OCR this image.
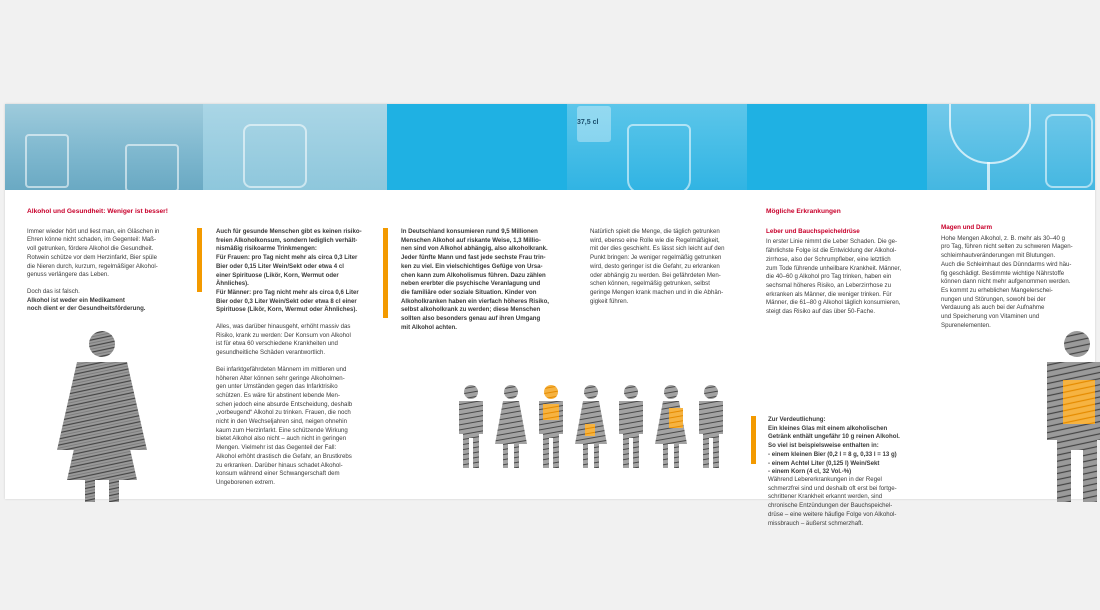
37,5 cl
Alkohol und Gesundheit: Weniger ist besser!

Immer wieder hört und liest man, ein Gläschen in
Ehren könne nicht schaden, im Gegenteil: Maß-
voll getrunken, fördere Alkohol die Gesundheit.
Rotwein schütze vor dem Herzinfarkt, Bier spüle
die Nieren durch, kurzum, regelmäßiger Alkohol-
genuss verlängere das Leben.

Doch das ist falsch.

Alkohol ist weder ein Medikament
noch dient er der Gesundheitsförderung.

Auch für gesunde Menschen gibt es keinen risiko-
freien Alkoholkonsum, sondern lediglich verhält-
nismäßig risikoarme Trinkmengen:
Für Frauen: pro Tag nicht mehr als circa 0,3 Liter
Bier oder 0,15 Liter Wein/Sekt oder etwa 4 cl
einer Spirituose (Likör, Korn, Wermut oder
Ähnliches).
Für Männer: pro Tag nicht mehr als circa 0,6 Liter
Bier oder 0,3 Liter Wein/Sekt oder etwa 8 cl einer
Spirituose (Likör, Korn, Wermut oder Ähnliches).

Alles, was darüber hinausgeht, erhöht massiv das
Risiko, krank zu werden: Der Konsum von Alkohol
ist für etwa 60 verschiedene Krankheiten und
gesundheitliche Schäden verantwortlich.

Bei infarktgefährdeten Männern im mittleren und
höheren Alter können sehr geringe Alkoholmen-
gen unter Umständen gegen das Infarktrisiko
schützen. Es wäre für abstinent lebende Men-
schen jedoch eine absurde Entscheidung, deshalb
„vorbeugend“ Alkohol zu trinken. Frauen, die noch
nicht in den Wechseljahren sind, neigen ohnehin
kaum zum Herzinfarkt. Eine schützende Wirkung
bietet Alkohol also nicht – auch nicht in geringen
Mengen. Vielmehr ist das Gegenteil der Fall:
Alkohol erhöht drastisch die Gefahr, an Brustkrebs
zu erkranken. Darüber hinaus schadet Alkohol-
konsum während einer Schwangerschaft dem
Ungeborenen extrem.

In Deutschland konsumieren rund 9,5 Millionen
Menschen Alkohol auf riskante Weise, 1,3 Millio-
nen sind von Alkohol abhängig, also alkoholkrank.
Jeder fünfte Mann und fast jede sechste Frau trin-
ken zu viel. Ein vielschichtiges Gefüge von Ursa-
chen kann zum Alkoholismus führen. Dazu zählen
neben ererbter die psychische Veranlagung und
die familiäre oder soziale Situation. Kinder von
Alkoholkranken haben ein vierfach höheres Risiko,
selbst alkoholkrank zu werden; diese Menschen
sollten also besonders genau auf ihren Umgang
mit Alkohol achten.

Natürlich spielt die Menge, die täglich getrunken
wird, ebenso eine Rolle wie die Regelmäßigkeit,
mit der dies geschieht. Es lässt sich leicht auf den
Punkt bringen: Je weniger regelmäßig getrunken
wird, desto geringer ist die Gefahr, zu erkranken
oder abhängig zu werden. Bei gefährdeten Men-
schen können, regelmäßig getrunken, selbst
geringe Mengen krank machen und in die Abhän-
gigkeit führen.

Mögliche Erkrankungen
Leber und Bauchspeicheldrüse

In erster Linie nimmt die Leber Schaden. Die ge-
fährlichste Folge ist die Entwicklung der Alkohol-
zirrhose, also der Schrumpfleber, eine letztlich
zum Tode führende unheilbare Krankheit. Männer,
die 40–60 g Alkohol pro Tag trinken, haben ein
sechsmal höheres Risiko, an Leberzirrhose zu
erkranken als Männer, die weniger trinken. Für
Männer, die 61–80 g Alkohol täglich konsumieren,
steigt das Risiko auf das über 50-Fache.

Zur Verdeutlichung:
Ein kleines Glas mit einem alkoholischen
Getränk enthält ungefähr 10 g reinen Alkohol.
So viel ist beispielsweise enthalten in:
- einem kleinen Bier (0,2 l = 8 g, 0,33 l = 13 g)
- einem Achtel Liter (0,125 l) Wein/Sekt
- einem Korn (4 cl, 32 Vol.-%)
Während Lebererkrankungen in der Regel
schmerzfrei sind und deshalb oft erst bei fortge-
schrittener Krankheit erkannt werden, sind
chronische Entzündungen der Bauchspeichel-
drüse – eine weitere häufige Folge von Alkohol-
missbrauch – äußerst schmerzhaft.
Magen und Darm

Hohe Mengen Alkohol, z. B. mehr als 30–40 g
pro Tag, führen nicht selten zu schweren Magen-
schleimhautveränderungen mit Blutungen.
Auch die Schleimhaut des Dünndarms wird häu-
fig geschädigt. Bestimmte wichtige Nährstoffe
können dann nicht mehr aufgenommen werden.
Es kommt zu erheblichen Mangelerschei-
nungen und Störungen, sowohl bei der
Verdauung als auch bei der Aufnahme
und Speicherung von Vitaminen und
Spurenelementen.
